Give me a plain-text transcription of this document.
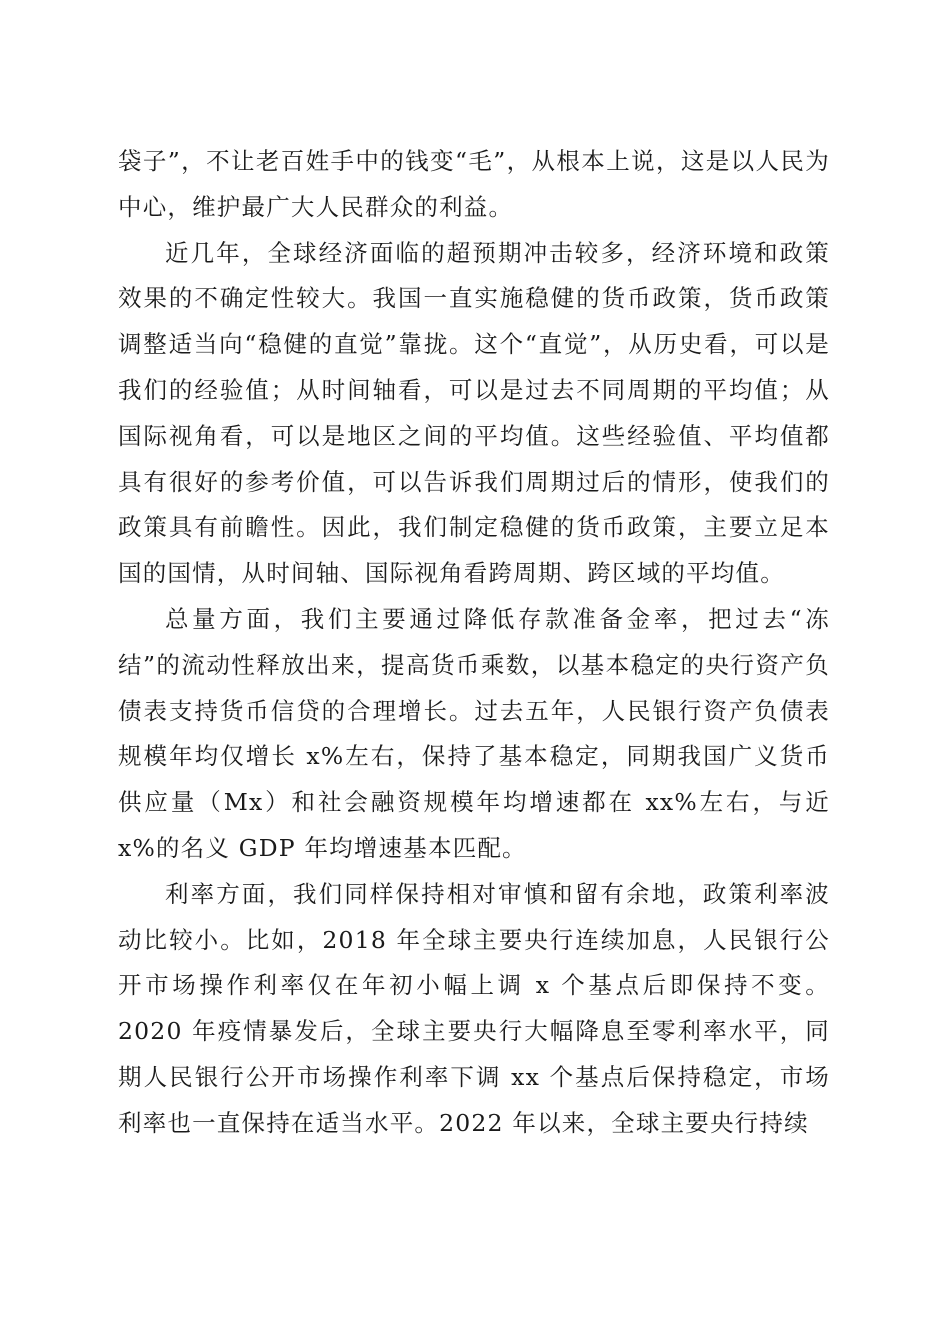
袋子”，不让老百姓手中的钱变“毛”，从根本上说，这是以人民为中心，维护最广大人民群众的利益。

近几年，全球经济面临的超预期冲击较多，经济环境和政策效果的不确定性较大。我国一直实施稳健的货币政策，货币政策调整适当向“稳健的直觉”靠拢。这个“直觉”，从历史看，可以是我们的经验值；从时间轴看，可以是过去不同周期的平均值；从国际视角看，可以是地区之间的平均值。这些经验值、平均值都具有很好的参考价值，可以告诉我们周期过后的情形，使我们的政策具有前瞻性。因此，我们制定稳健的货币政策，主要立足本国的国情，从时间轴、国际视角看跨周期、跨区域的平均值。

总量方面，我们主要通过降低存款准备金率，把过去“冻结”的流动性释放出来，提高货币乘数，以基本稳定的央行资产负债表支持货币信贷的合理增长。过去五年，人民银行资产负债表规模年均仅增长 x%左右，保持了基本稳定，同期我国广义货币供应量（Mx）和社会融资规模年均增速都在 xx%左右，与近 x%的名义 GDP 年均增速基本匹配。

利率方面，我们同样保持相对审慎和留有余地，政策利率波动比较小。比如，2018 年全球主要央行连续加息，人民银行公开市场操作利率仅在年初小幅上调 x 个基点后即保持不变。2020 年疫情暴发后，全球主要央行大幅降息至零利率水平，同期人民银行公开市场操作利率下调 xx 个基点后保持稳定，市场利率也一直保持在适当水平。2022 年以来，全球主要央行持续
